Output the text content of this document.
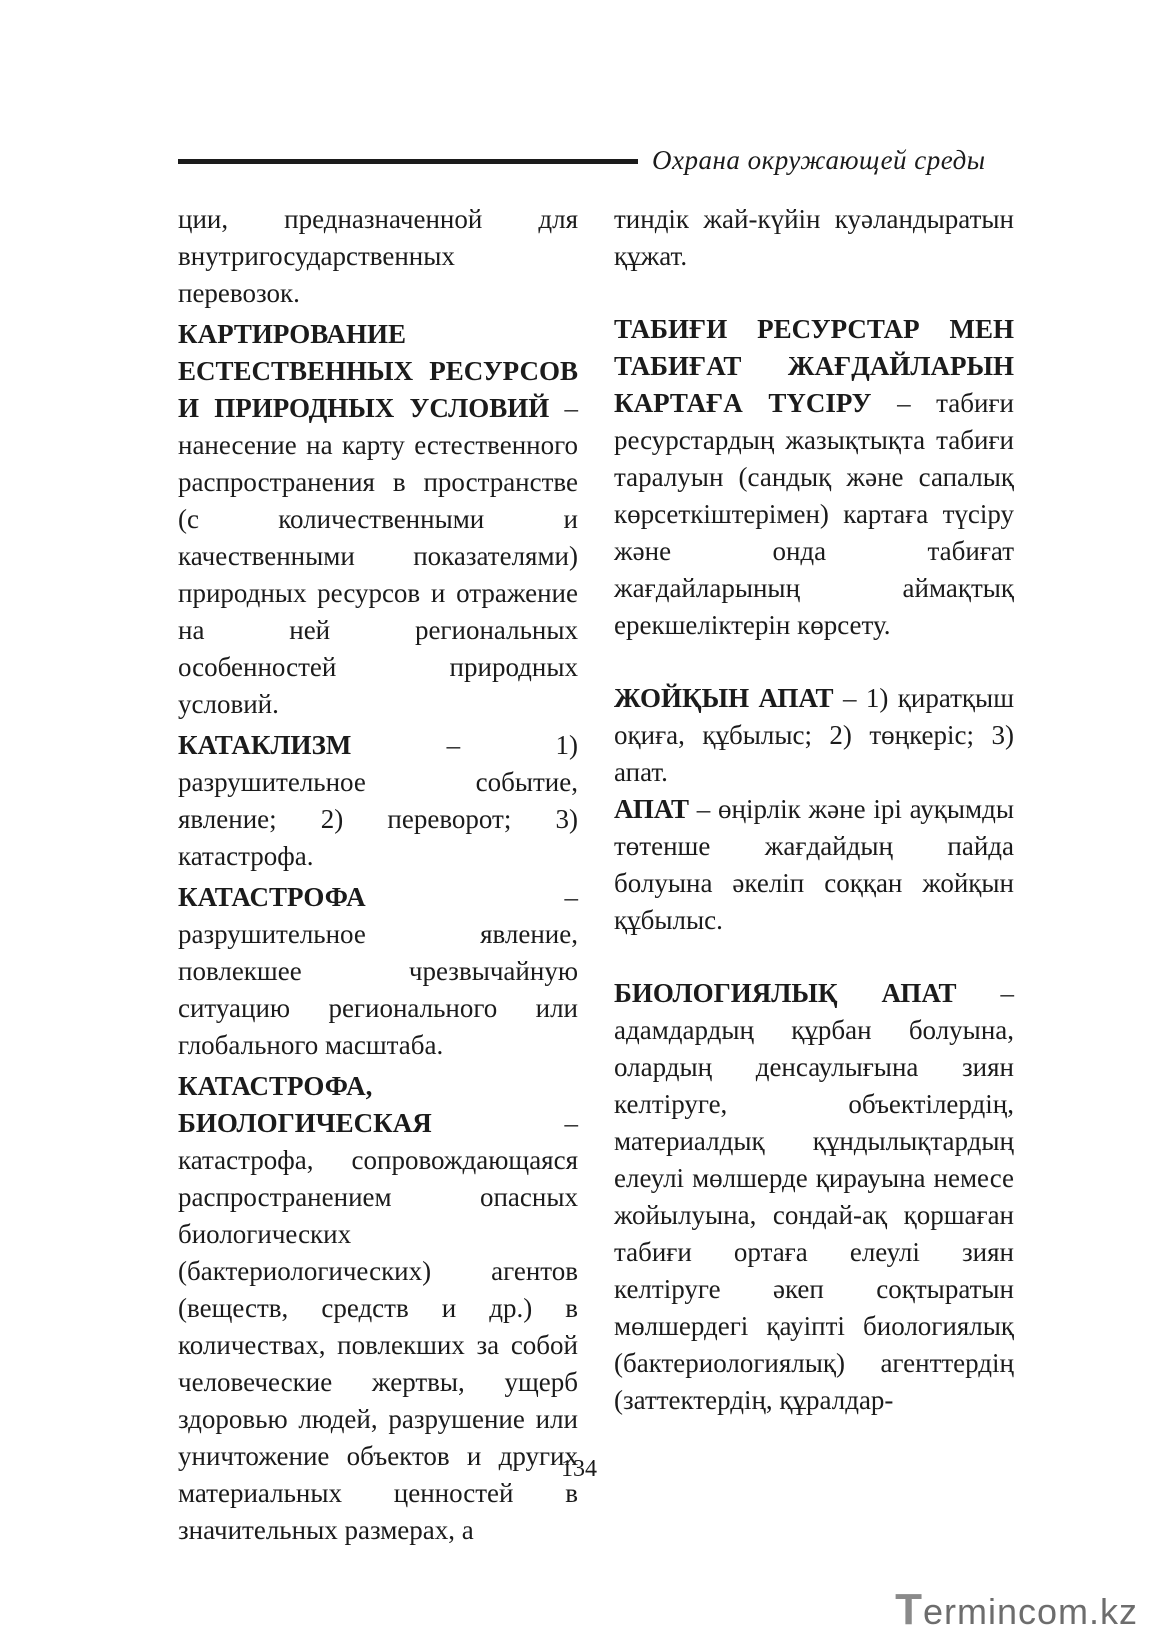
Охрана окружающей среды

ции, предназначенной для внутригосударственных перевозок.

КАРТИРОВАНИЕ ЕСТЕСТВЕННЫХ РЕСУРСОВ И ПРИРОДНЫХ УСЛОВИЙ – нанесение на карту естественного распространения в пространстве (с количественными и качественными показателями) природных ресурсов и отражение на ней региональных особенностей природных условий.

КАТАКЛИЗМ – 1) разрушительное событие, явление; 2) переворот; 3) катастрофа.

КАТАСТРОФА – разрушительное явление, повлекшее чрезвычайную ситуацию регионального или глобального масштаба.

КАТАСТРОФА, БИОЛОГИЧЕСКАЯ – катастрофа, сопровождающаяся распространением опасных биологических (бактериологических) агентов (веществ, средств и др.) в количествах, повлекших за собой человеческие жертвы, ущерб здоровью людей, разрушение или уничтожение объектов и других материальных ценностей в значительных размерах, а

тиндік жай-күйін куәландыратын құжат.

ТАБИҒИ РЕСУРСТАР МЕН ТАБИҒАТ ЖАҒДАЙЛАРЫН КАРТАҒА ТҮСІРУ – табиғи ресурстардың жазықтықта табиғи таралуын (сандық және сапалық көрсеткіштерімен) картаға түсіру және онда табиғат жағдайларының аймақтық ерекшеліктерін көрсету.

ЖОЙҚЫН АПАТ – 1) қиратқыш оқиға, құбылыс; 2) төңкеріс; 3) апат.

АПАТ – өңірлік және ірі ауқымды төтенше жағдайдың пайда болуына әкеліп соққан жойқын құбылыс.

БИОЛОГИЯЛЫҚ АПАТ – адамдардың құрбан болуына, олардың денсаулығына зиян келтіруге, объектілердің, материалдық құндылықтардың елеулі мөлшерде қирауына немесе жойылуына, сондай-ақ қоршаған табиғи ортаға елеулі зиян келтіруге әкеп соқтыратын мөлшердегі қауіпті биологиялық (бактериологиялық) агенттердің (заттектердің, құралдар-

134
Termincom.kz
